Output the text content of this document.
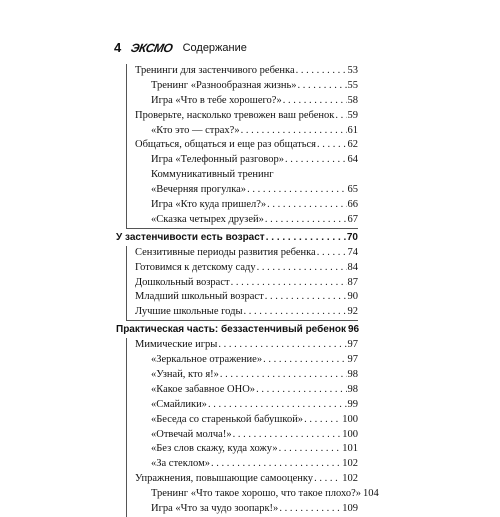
4 ЭКСМО Содержание
Тренинги для застенчивого ребенка . . .	53
Тренинг «Разнообразная жизнь» . . .	55
Игра «Что в тебе хорошего?» . . .	58
Проверьте, насколько тревожен ваш ребенок . . . 59
«Кто это — страх?» . . .	61
Общаться, общаться и еще раз общаться . . .	62
Игра «Телефонный разговор» . . .	64
Коммуникативный тренинг
«Вечерняя прогулка» . . .	65
Игра «Кто куда пришел?» . . .	66
«Сказка четырех друзей» . . .	67
У застенчивости есть возраст . . .	70
Сензитивные периоды развития ребенка . . .	74
Готовимся к детскому саду . . .	84
Дошкольный возраст . . .	87
Младший школьный возраст . . .	90
Лучшие школьные годы . . .	92
Практическая часть: беззастенчивый ребенок 96
Мимические игры . . .	97
«Зеркальное отражение» . . .	97
«Узнай, кто я!» . . .	98
«Какое забавное ОНО» . . .	98
«Смайлики» . . .	99
«Беседа со старенькой бабушкой» . . .	100
«Отвечай молча!» . . .	100
«Без слов скажу, куда хожу» . . .	101
«За стеклом» . . .	102
Упражнения, повышающие самооценку . . .	102
Тренинг «Что такое хорошо, что такое плохо?» 104
Игра «Что за чудо зоопарк!» . . .	109
